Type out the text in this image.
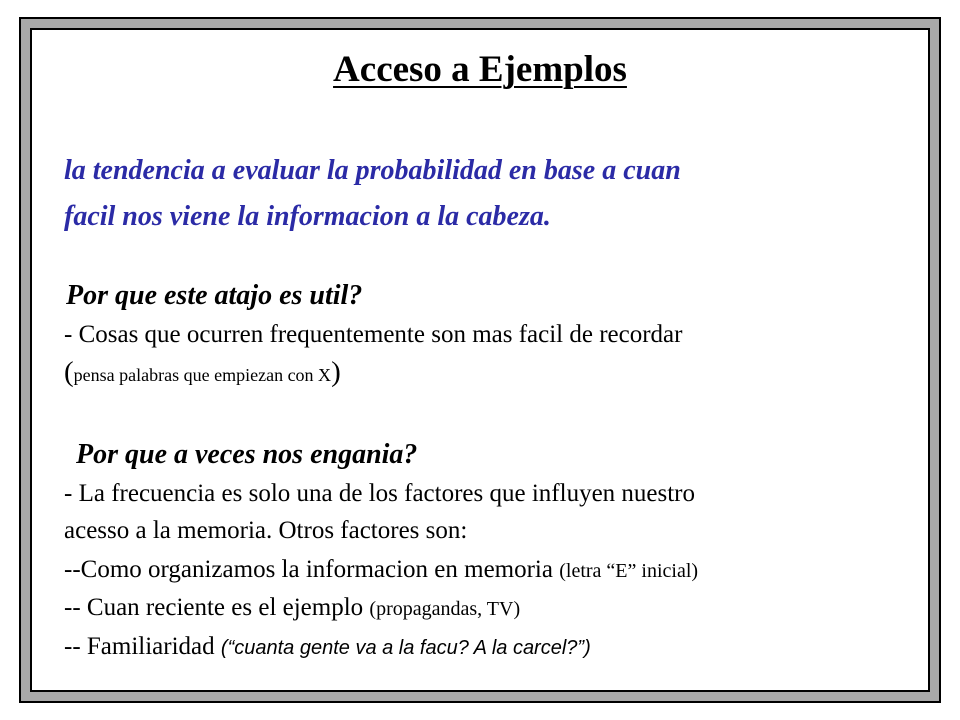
Acceso a Ejemplos
la tendencia a evaluar la probabilidad en base a cuan
facil nos viene la informacion a la cabeza.
Por que este atajo es util?
- Cosas que ocurren frequentemente son mas facil de recordar
(pensa palabras que empiezan con X)
Por que a veces nos engania?
- La frecuencia es solo una de los factores que influyen nuestro
acesso a la memoria. Otros factores son:
--Como organizamos la informacion en memoria (letra “E” inicial)
-- Cuan reciente es el ejemplo (propagandas, TV)
-- Familiaridad (“cuanta gente va a la facu? A la carcel?”)
